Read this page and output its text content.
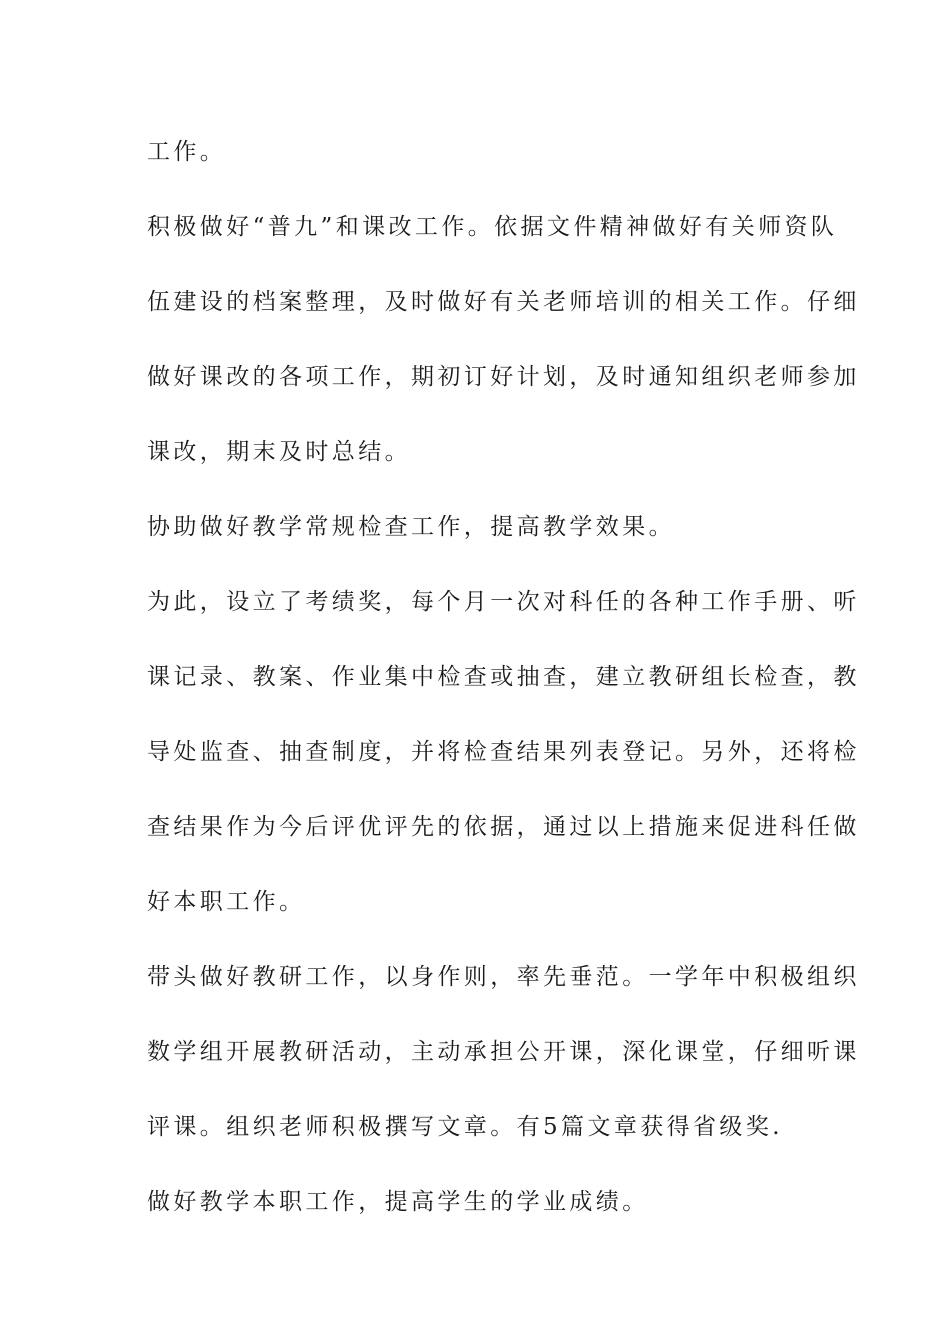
工作。
积极做好“普九”和课改工作。依据文件精神做好有关师资队
伍建设的档案整理，及时做好有关老师培训的相关工作。仔细
做好课改的各项工作，期初订好计划，及时通知组织老师参加
课改，期末及时总结。
协助做好教学常规检查工作，提高教学效果。
为此，设立了考绩奖，每个月一次对科任的各种工作手册、听
课记录、教案、作业集中检查或抽查，建立教研组长检查，教
导处监查、抽查制度，并将检查结果列表登记。另外，还将检
查结果作为今后评优评先的依据，通过以上措施来促进科任做
好本职工作。
带头做好教研工作，以身作则，率先垂范。一学年中积极组织
数学组开展教研活动，主动承担公开课，深化课堂，仔细听课
评课。组织老师积极撰写文章。有5篇文章获得省级奖.
做好教学本职工作，提高学生的学业成绩。
